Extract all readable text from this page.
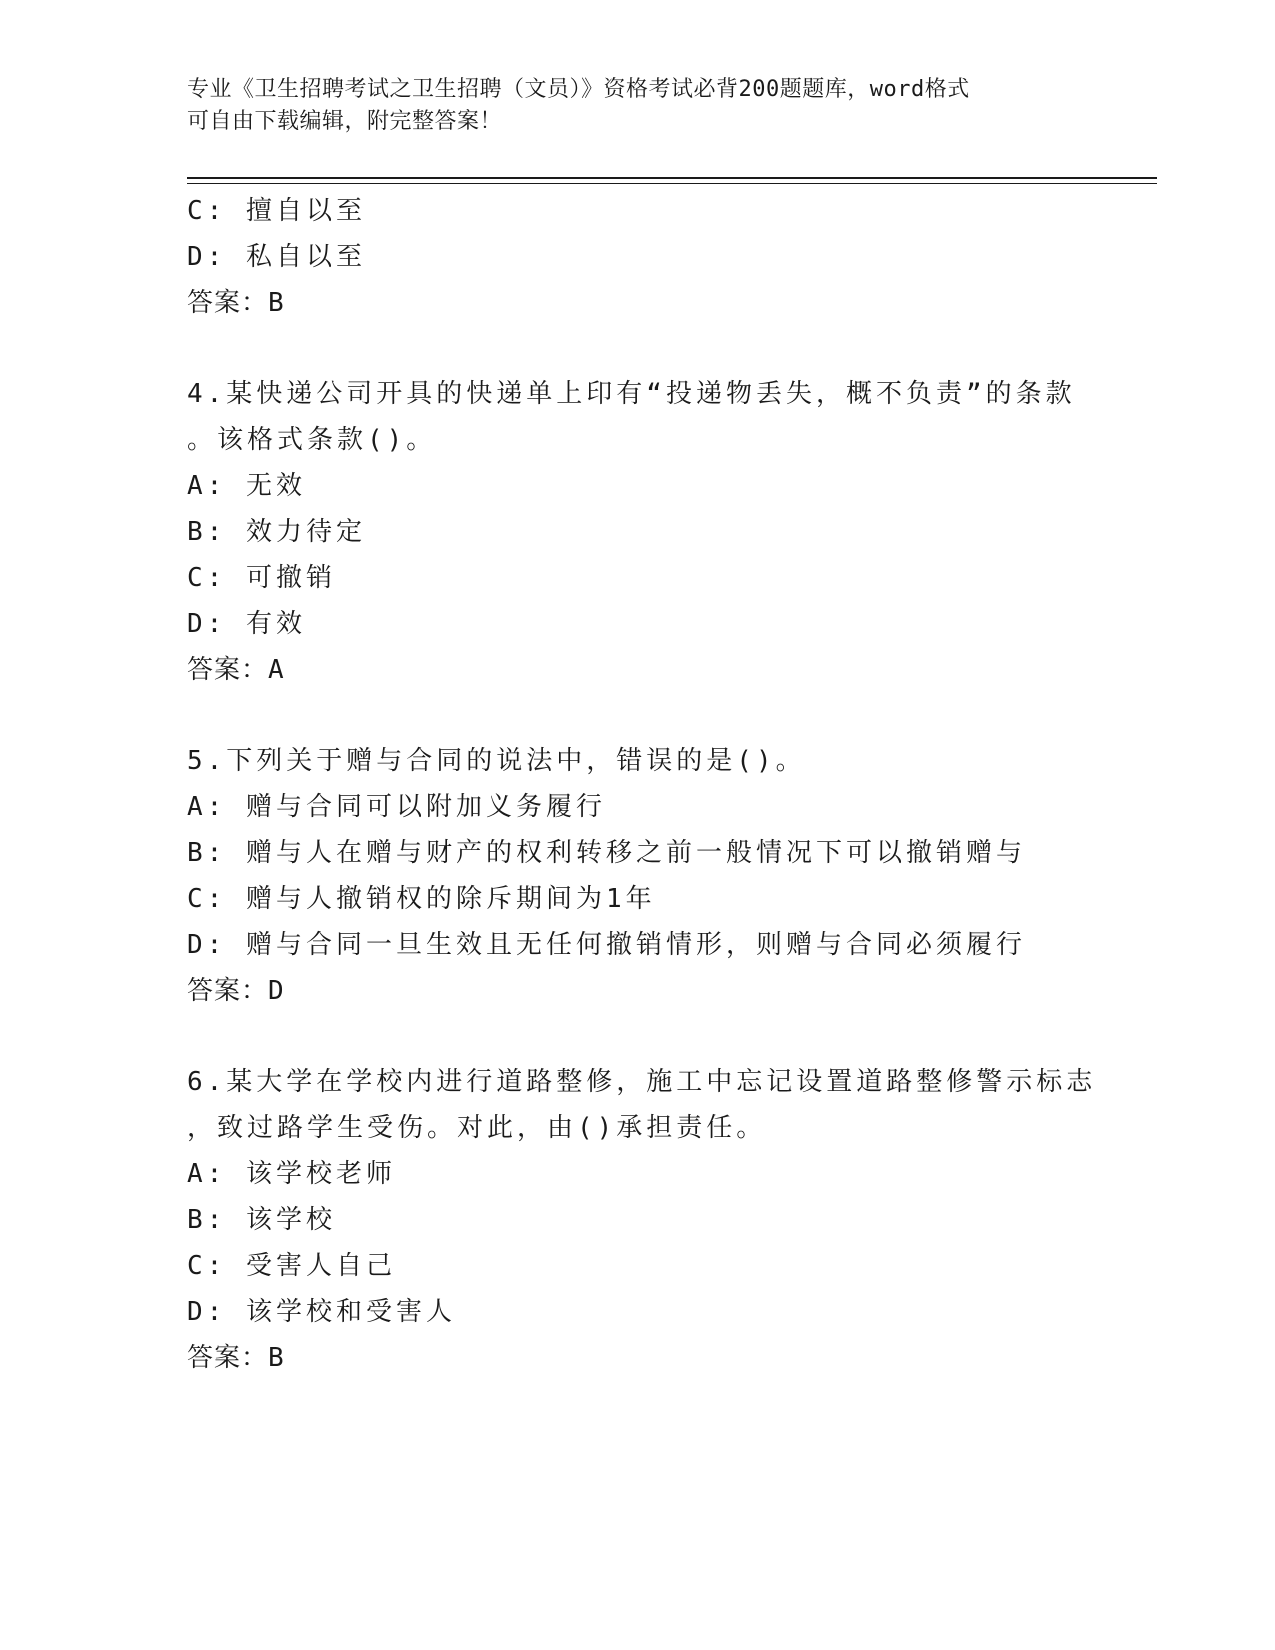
专业《卫生招聘考试之卫生招聘（文员）》资格考试必背200题题库，word格式
可自由下载编辑，附完整答案！
C: 擅自以至
D: 私自以至
答案：B
4.某快递公司开具的快递单上印有“投递物丢失，概不负责”的条款
。该格式条款()。
A: 无效
B: 效力待定
C: 可撤销
D: 有效
答案：A
5.下列关于赠与合同的说法中，错误的是()。
A: 赠与合同可以附加义务履行
B: 赠与人在赠与财产的权利转移之前一般情况下可以撤销赠与
C: 赠与人撤销权的除斥期间为1年
D: 赠与合同一旦生效且无任何撤销情形，则赠与合同必须履行
答案：D
6.某大学在学校内进行道路整修，施工中忘记设置道路整修警示标志
，致过路学生受伤。对此，由()承担责任。
A: 该学校老师
B: 该学校
C: 受害人自己
D: 该学校和受害人
答案：B
